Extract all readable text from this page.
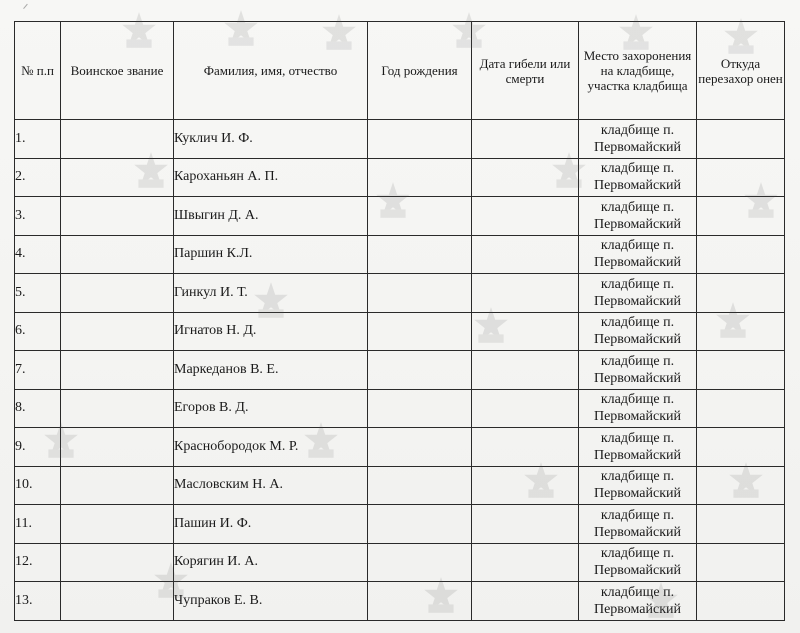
№ п.п	Воинское звание	Фамилия, имя, отчество	Год рождения	Дата гибели или смерти	Место захоронения на кладбище, участка кладбища	Откуда перезахор онен
1.		Куклич И. Ф.			кладбище п.
Первомайский	

2.		Кароханьян А. П.			кладбище п.
Первомайский	

3.		Швыгин Д. А.			кладбище п.
Первомайский	

4.		Паршин К.Л.			кладбище п.
Первомайский	

5.		Гинкул И. Т.			кладбище п.
Первомайский	

6.		Игнатов Н. Д.			кладбище п.
Первомайский	

7.		Маркеданов В. Е.			кладбище п.
Первомайский	

8.		Егоров В. Д.			кладбище п.
Первомайский	

9.		Краснобородок М. Р.			кладбище п.
Первомайский	

10.		Масловским Н. А.			кладбище п.
Первомайский	

11.		Пашин И. Ф.			кладбище п.
Первомайский	

12.		Корягин И. А.			кладбище п.
Первомайский	

13.		Чупраков Е. В.			кладбище п.
Первомайский	
